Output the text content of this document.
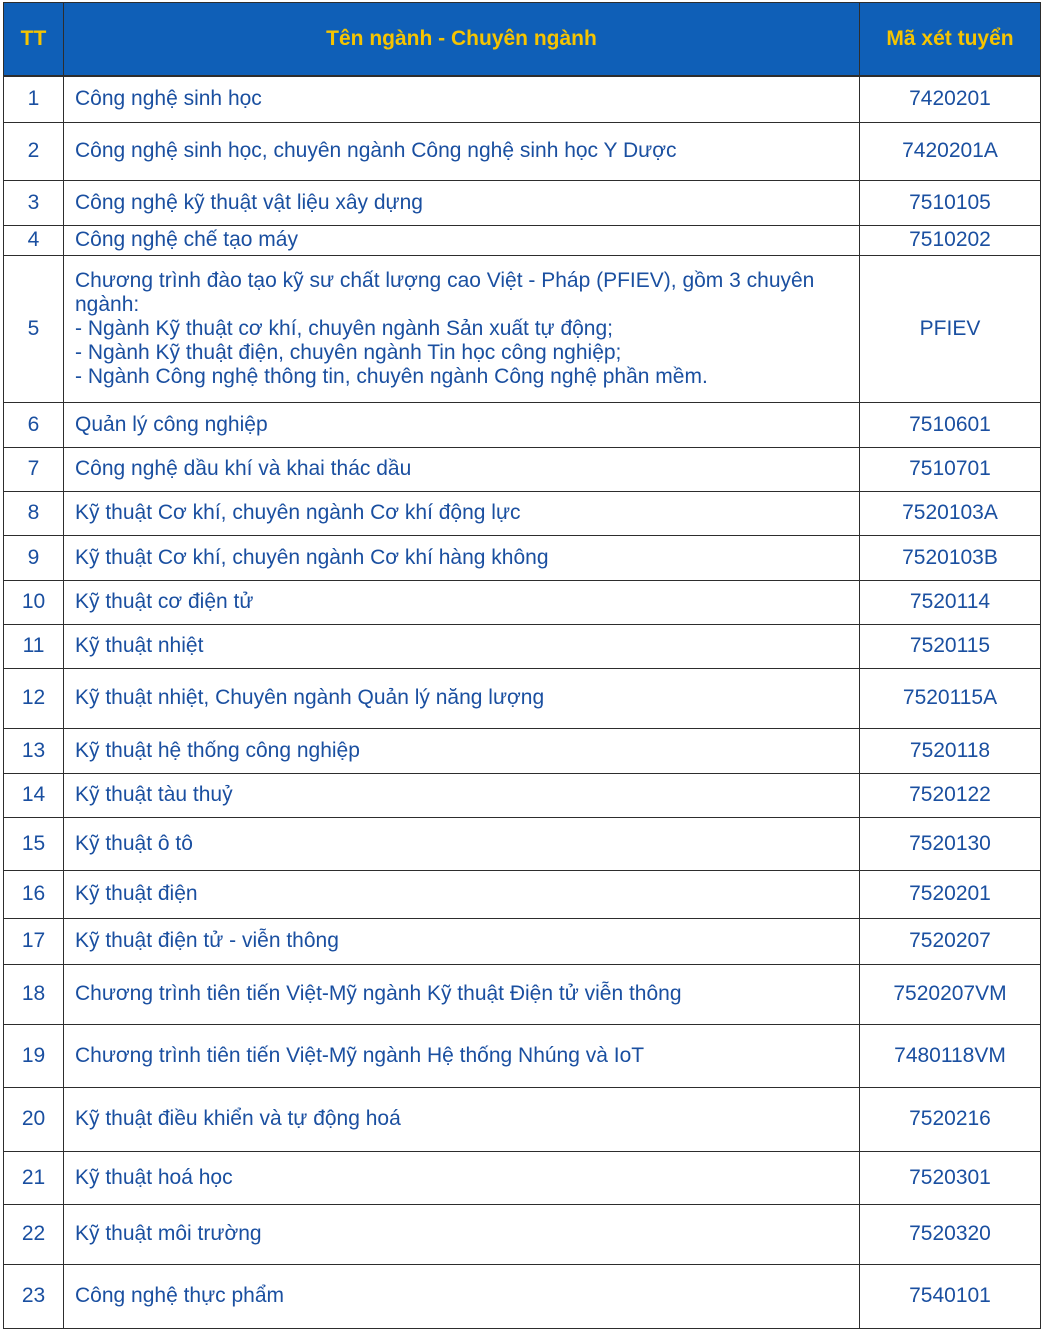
TT	Tên ngành - Chuyên ngành	Mã xét tuyển
1	Công nghệ sinh học	7420201
2	Công nghệ sinh học, chuyên ngành Công nghệ sinh học Y Dược	7420201A
3	Công nghệ kỹ thuật vật liệu xây dựng	7510105
4	Công nghệ chế tạo máy	7510202
5	Chương trình đào tạo kỹ sư chất lượng cao Việt - Pháp (PFIEV), gồm 3 chuyên
ngành:
- Ngành Kỹ thuật cơ khí, chuyên ngành Sản xuất tự động;
- Ngành Kỹ thuật điện, chuyên ngành Tin học công nghiệp;
- Ngành Công nghệ thông tin, chuyên ngành Công nghệ phần mềm.	PFIEV
6	Quản lý công nghiệp	7510601
7	Công nghệ dầu khí và khai thác dầu	7510701
8	Kỹ thuật Cơ khí, chuyên ngành Cơ khí động lực	7520103A
9	Kỹ thuật Cơ khí, chuyên ngành Cơ khí hàng không	7520103B
10	Kỹ thuật cơ điện tử	7520114
11	Kỹ thuật nhiệt	7520115
12	Kỹ thuật nhiệt, Chuyên ngành Quản lý năng lượng	7520115A
13	Kỹ thuật hệ thống công nghiệp	7520118
14	Kỹ thuật tàu thuỷ	7520122
15	Kỹ thuật ô tô	7520130
16	Kỹ thuật điện	7520201
17	Kỹ thuật điện tử - viễn thông	7520207
18	Chương trình tiên tiến Việt-Mỹ ngành Kỹ thuật Điện tử viễn thông	7520207VM
19	Chương trình tiên tiến Việt-Mỹ ngành Hệ thống Nhúng và IoT	7480118VM
20	Kỹ thuật điều khiển và tự động hoá	7520216
21	Kỹ thuật hoá học	7520301
22	Kỹ thuật môi trường	7520320
23	Công nghệ thực phẩm	7540101
